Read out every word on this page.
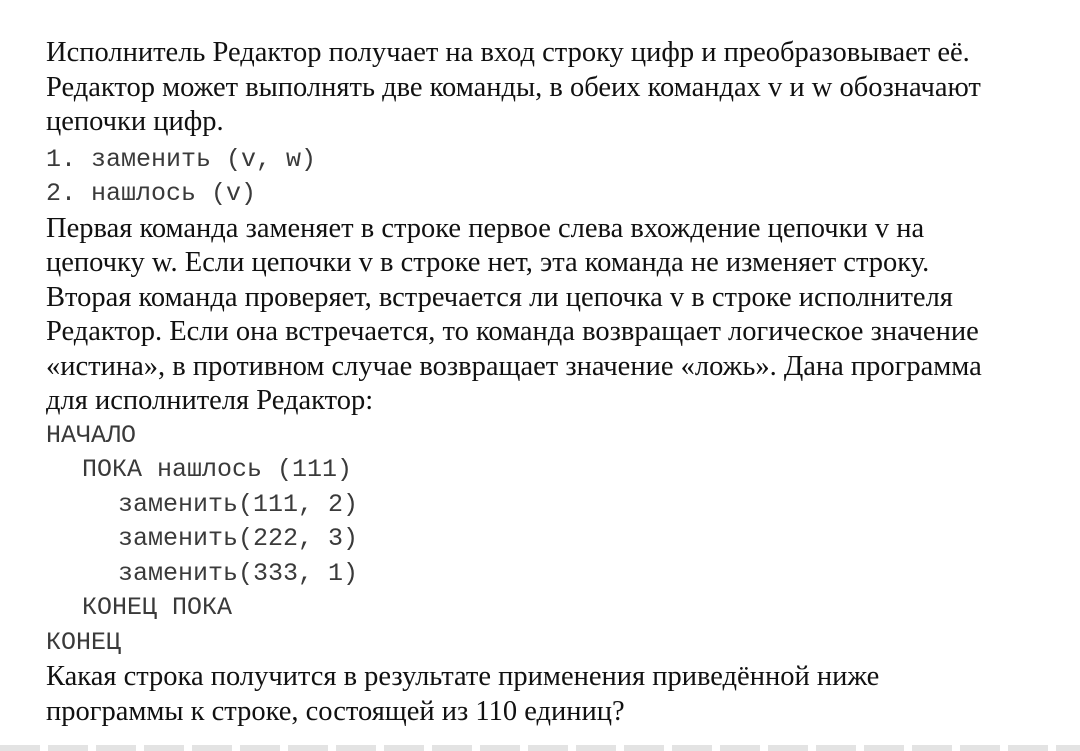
Исполнитель Редактор получает на вход строку цифр и преобразовывает её.

Редактор может выполнять две команды, в обеих командах v и w обозначают

цепочки цифр.

1. заменить (v, w)

2. нашлось (v)

Первая команда заменяет в строке первое слева вхождение цепочки v на

цепочку w. Если цепочки v в строке нет, эта команда не изменяет строку.

Вторая команда проверяет, встречается ли цепочка v в строке исполнителя

Редактор. Если она встречается, то команда возвращает логическое значение

«истина», в противном случае возвращает значение «ложь». Дана программа

для исполнителя Редактор:

НАЧАЛО

ПОКА нашлось (111)

заменить(111, 2)

заменить(222, 3)

заменить(333, 1)

КОНЕЦ ПОКА

КОНЕЦ

Какая строка получится в результате применения приведённой ниже

программы к строке, состоящей из 110 единиц?
